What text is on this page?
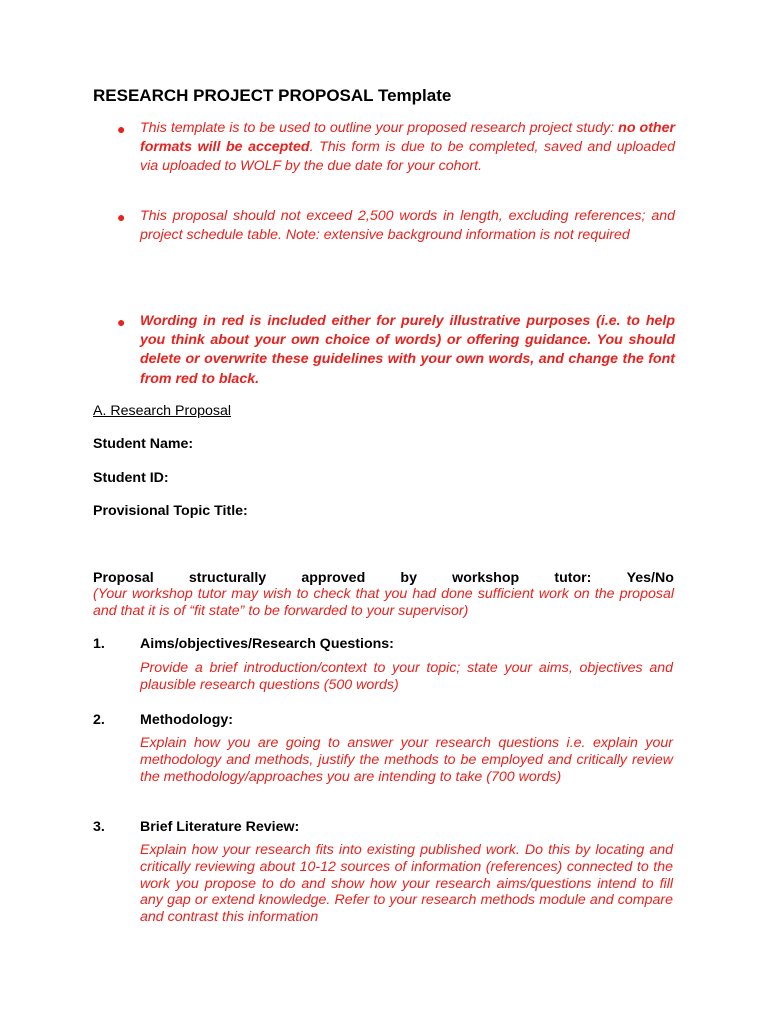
RESEARCH PROJECT PROPOSAL Template
● This template is to be used to outline your proposed research project study: no other formats will be accepted. This form is due to be completed, saved and uploaded via uploaded to WOLF by the due date for your cohort.

● This proposal should not exceed 2,500 words in length, excluding references; and project schedule table. Note: extensive background information is not required

● Wording in red is included either for purely illustrative purposes (i.e. to help you think about your own choice of words) or offering guidance. You should delete or overwrite these guidelines with your own words, and change the font from red to black.

A. Research Proposal
Student Name:
Student ID:
Provisional Topic Title:
Proposal structurally approved by workshop tutor: Yes/No

(Your workshop tutor may wish to check that you had done sufficient work on the proposal and that it is of “fit state” to be forwarded to your supervisor)

1. Aims/objectives/Research Questions:

Provide a brief introduction/context to your topic; state your aims, objectives and plausible research questions (500 words)

2. Methodology:

Explain how you are going to answer your research questions i.e. explain your methodology and methods, justify the methods to be employed and critically review the methodology/approaches you are intending to take (700 words)

3. Brief Literature Review:

Explain how your research fits into existing published work. Do this by locating and critically reviewing about 10-12 sources of information (references) connected to the work you propose to do and show how your research aims/questions intend to fill any gap or extend knowledge. Refer to your research methods module and compare and contrast this information
